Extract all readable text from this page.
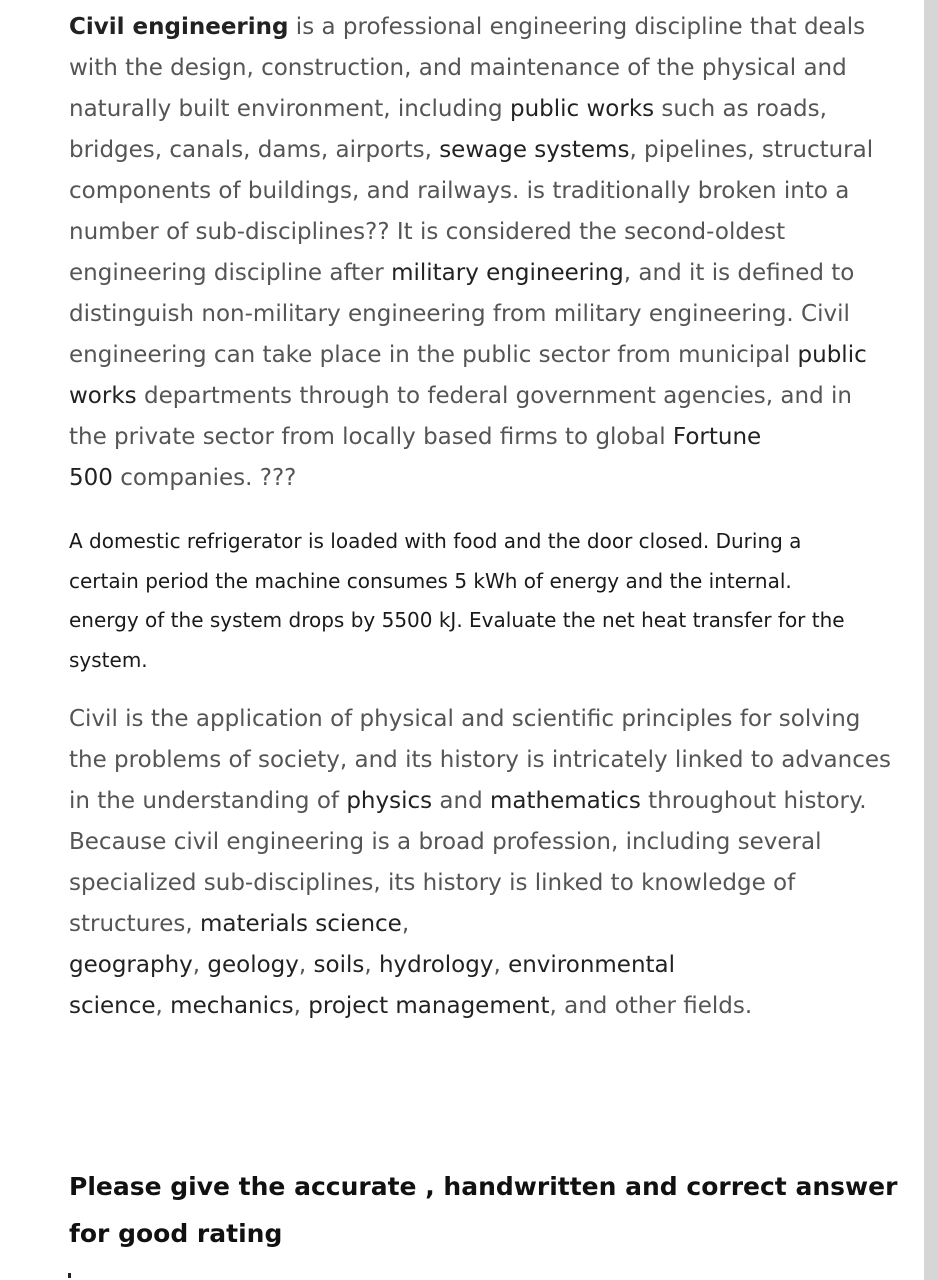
Civil engineering is a professional engineering discipline that deals
with the design, construction, and maintenance of the physical and
naturally built environment, including public works such as roads,
bridges, canals, dams, airports, sewage systems, pipelines, structural
components of buildings, and railways. is traditionally broken into a
number of sub-disciplines?? It is considered the second-oldest
engineering discipline after military engineering, and it is defined to
distinguish non-military engineering from military engineering. Civil
engineering can take place in the public sector from municipal public
works departments through to federal government agencies, and in
the private sector from locally based firms to global Fortune
500 companies. ???

A domestic refrigerator is loaded with food and the door closed. During a
certain period the machine consumes 5 kWh of energy and the internal.
energy of the system drops by 5500 kJ. Evaluate the net heat transfer for the
system.

Civil is the application of physical and scientific principles for solving
the problems of society, and its history is intricately linked to advances
in the understanding of physics and mathematics throughout history.
Because civil engineering is a broad profession, including several
specialized sub-disciplines, its history is linked to knowledge of
structures, materials science,
geography, geology, soils, hydrology, environmental
science, mechanics, project management, and other fields.

Please give the accurate , handwritten and correct answer
for good rating
